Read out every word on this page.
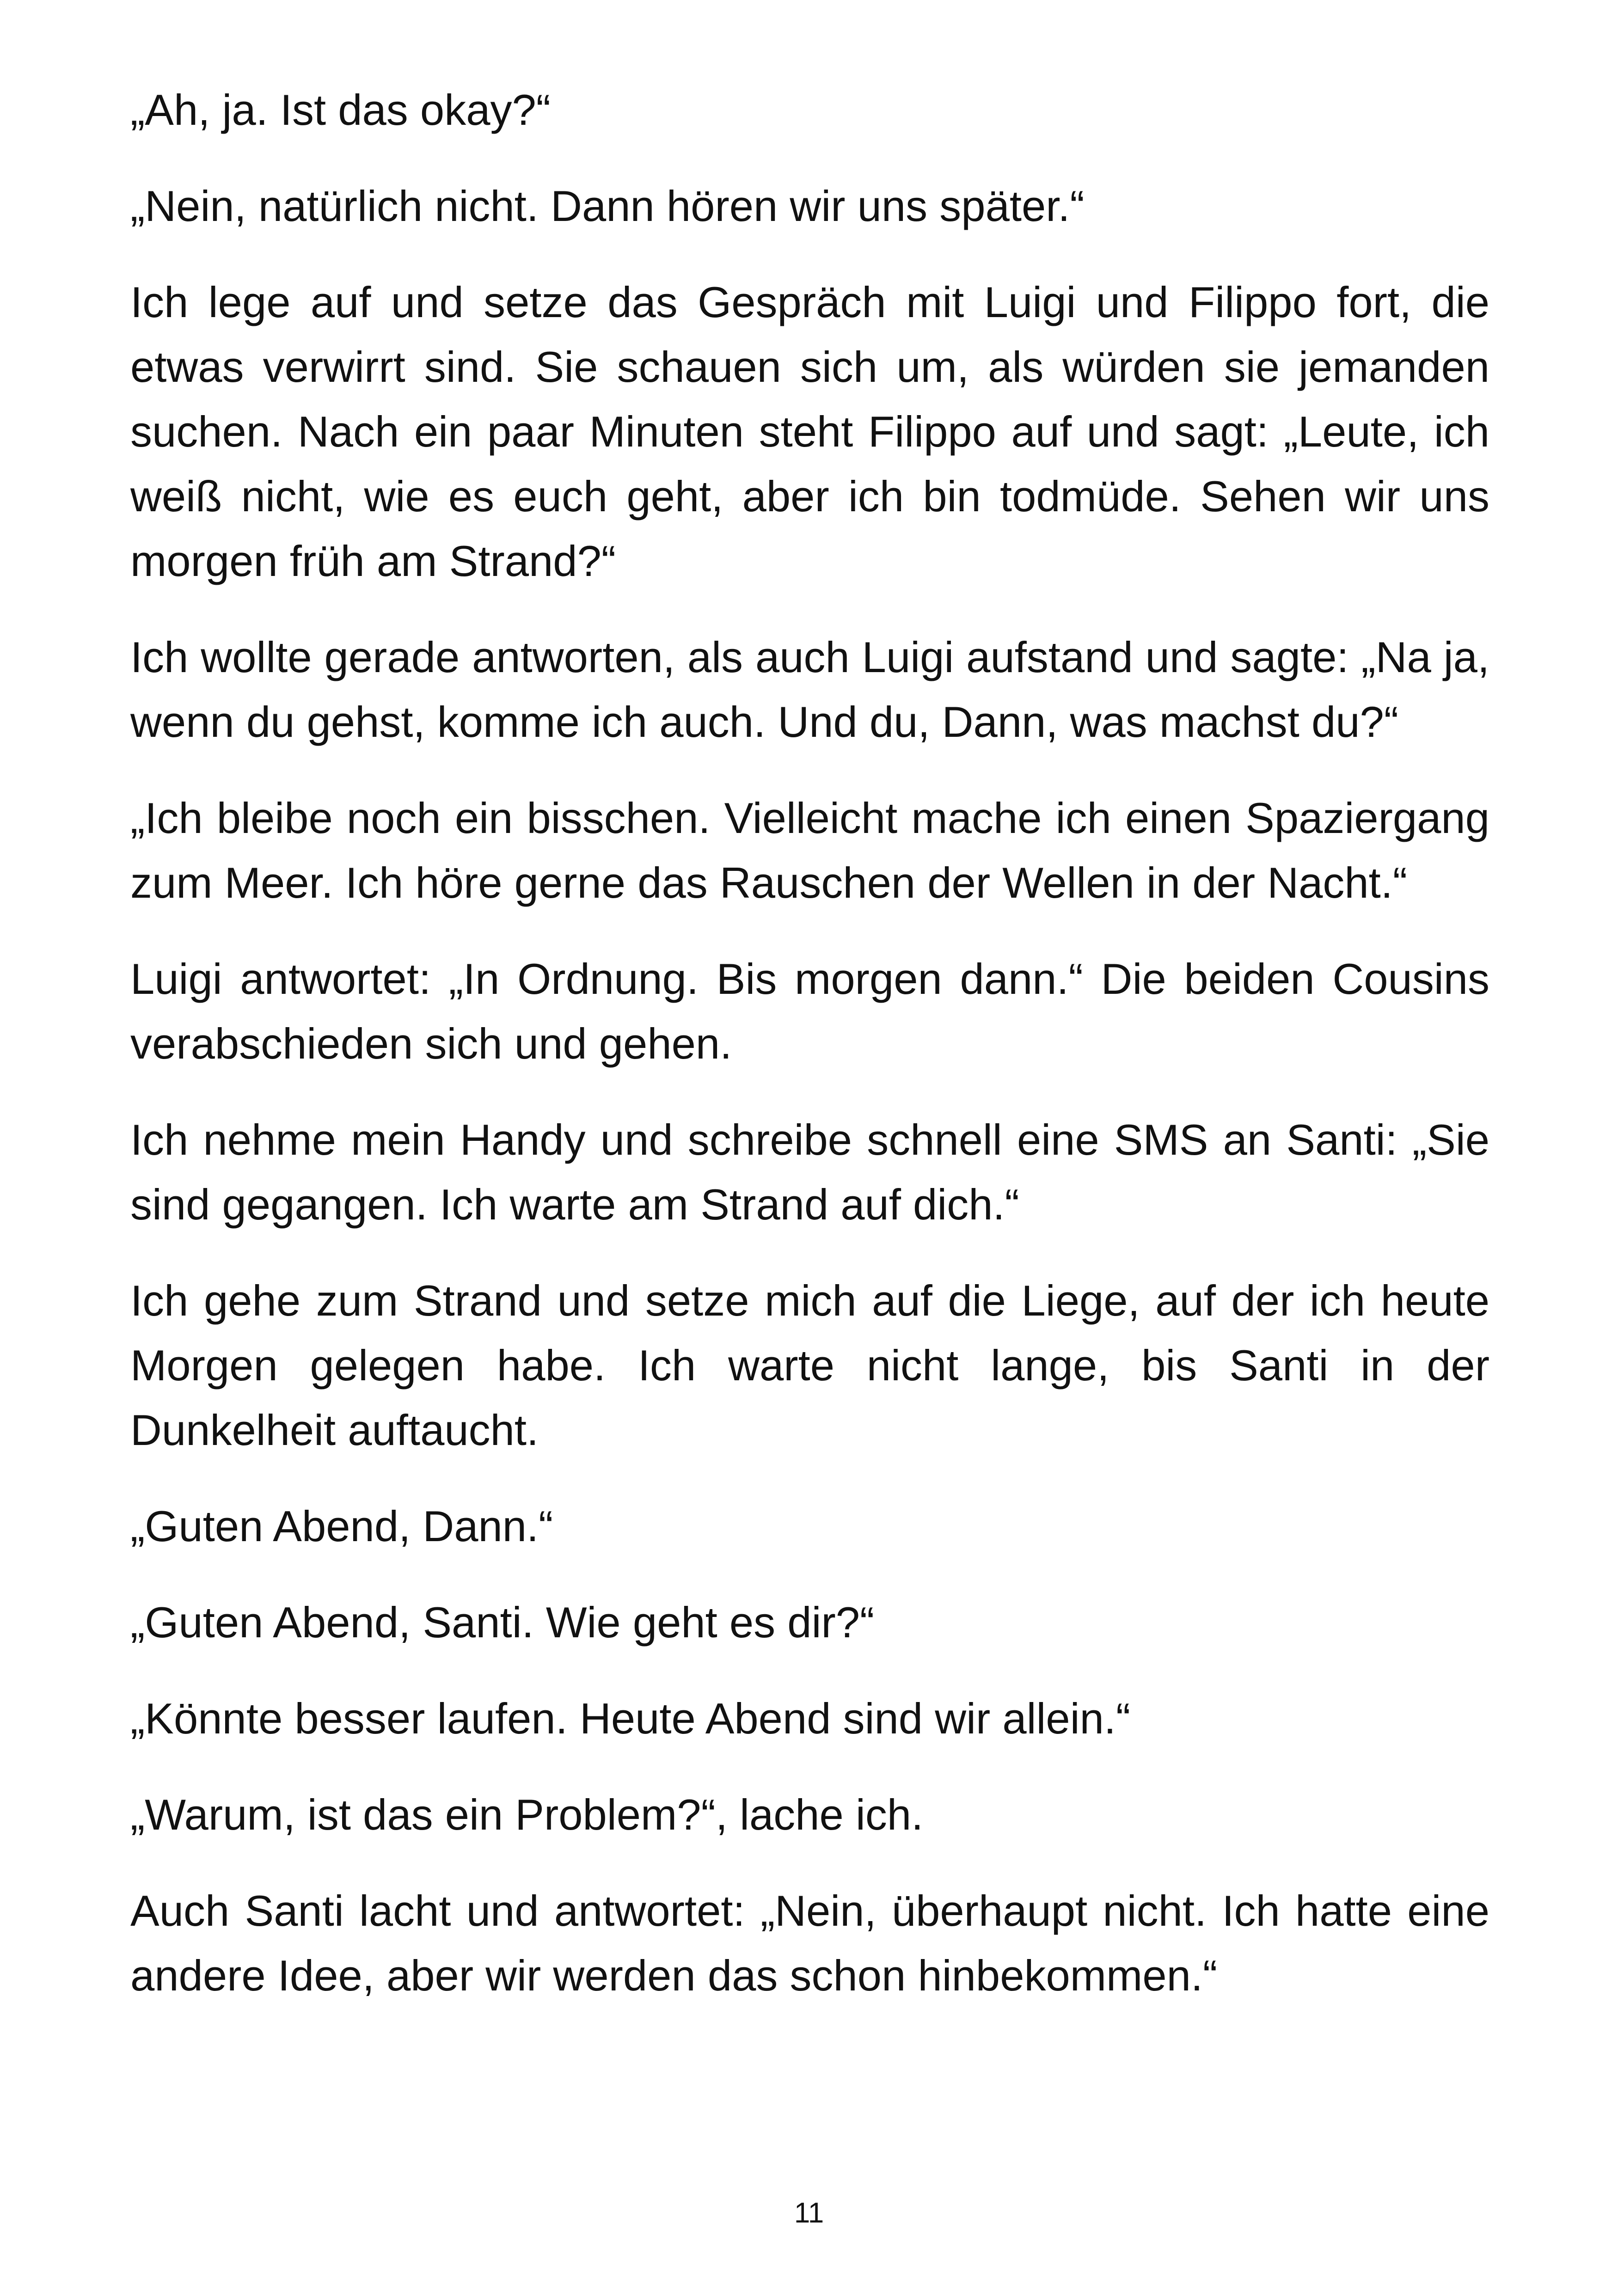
„Ah, ja. Ist das okay?“

„Nein, natürlich nicht. Dann hören wir uns später.“

Ich lege auf und setze das Gespräch mit Luigi und Filippo fort, die etwas verwirrt sind. Sie schauen sich um, als würden sie jemanden suchen. Nach ein paar Minuten steht Filippo auf und sagt: „Leute, ich weiß nicht, wie es euch geht, aber ich bin todmüde. Sehen wir uns morgen früh am Strand?“

Ich wollte gerade antworten, als auch Luigi aufstand und sagte: „Na ja, wenn du gehst, komme ich auch. Und du, Dann, was machst du?“

„Ich bleibe noch ein bisschen. Vielleicht mache ich einen Spaziergang zum Meer. Ich höre gerne das Rauschen der Wellen in der Nacht.“

Luigi antwortet: „In Ordnung. Bis morgen dann.“ Die beiden Cousins verabschieden sich und gehen.

Ich nehme mein Handy und schreibe schnell eine SMS an Santi: „Sie sind gegangen. Ich warte am Strand auf dich.“

Ich gehe zum Strand und setze mich auf die Liege, auf der ich heute Morgen gelegen habe. Ich warte nicht lange, bis Santi in der Dunkelheit auftaucht.

„Guten Abend, Dann.“

„Guten Abend, Santi. Wie geht es dir?“

„Könnte besser laufen. Heute Abend sind wir allein.“

„Warum, ist das ein Problem?“, lache ich.

Auch Santi lacht und antwortet: „Nein, überhaupt nicht. Ich hatte eine andere Idee, aber wir werden das schon hinbekommen.“

11
